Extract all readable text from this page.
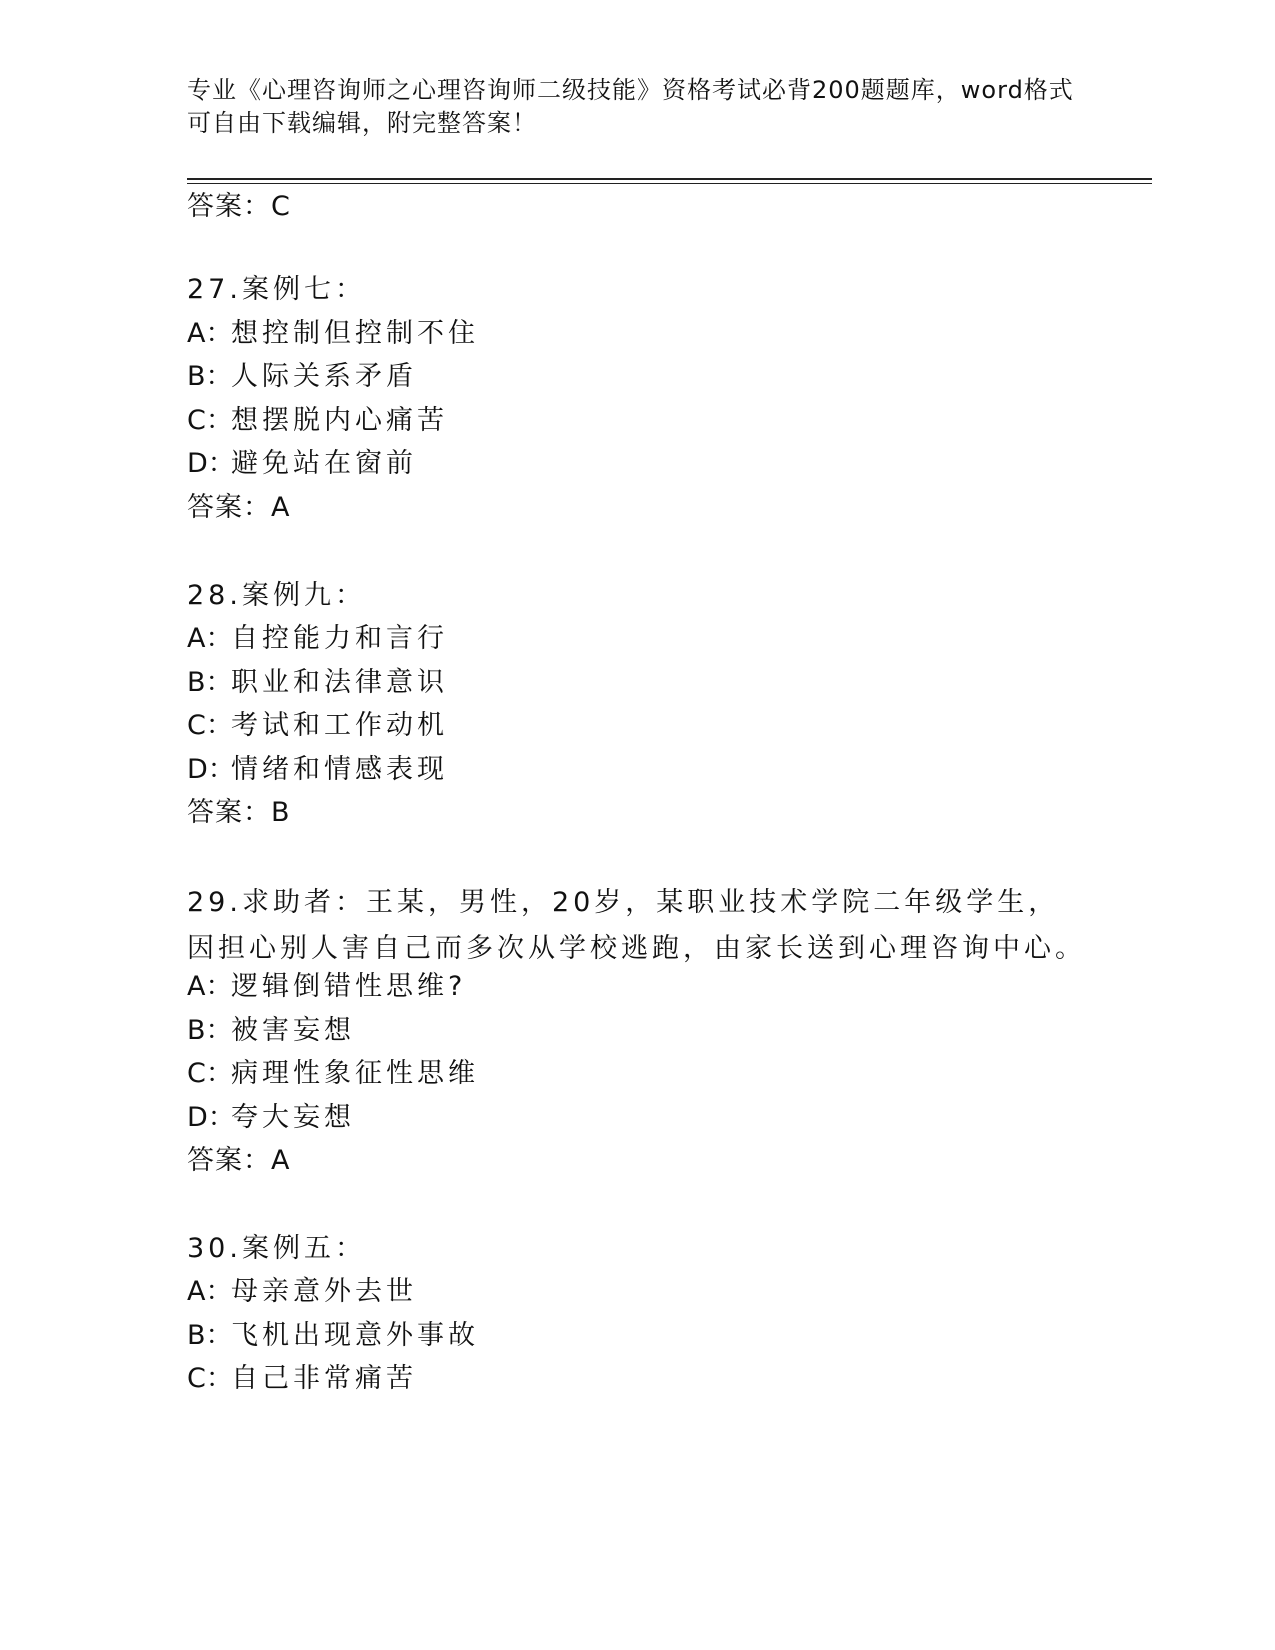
专业《心理咨询师之心理咨询师二级技能》资格考试必背200题题库，word格式
可自由下载编辑，附完整答案！
答案：C
27.案例七：
A：想控制但控制不住
B：人际关系矛盾
C：想摆脱内心痛苦
D：避免站在窗前
答案：A
28.案例九：
A：自控能力和言行
B：职业和法律意识
C：考试和工作动机
D：情绪和情感表现
答案：B
29.求助者：王某，男性，20岁，某职业技术学院二年级学生，因担心别人害自己而多次从学校逃跑，由家长送到心理咨询中心。
A：逻辑倒错性思维?
B：被害妄想
C：病理性象征性思维
D：夸大妄想
答案：A
30.案例五：
A：母亲意外去世
B：飞机出现意外事故
C：自己非常痛苦
